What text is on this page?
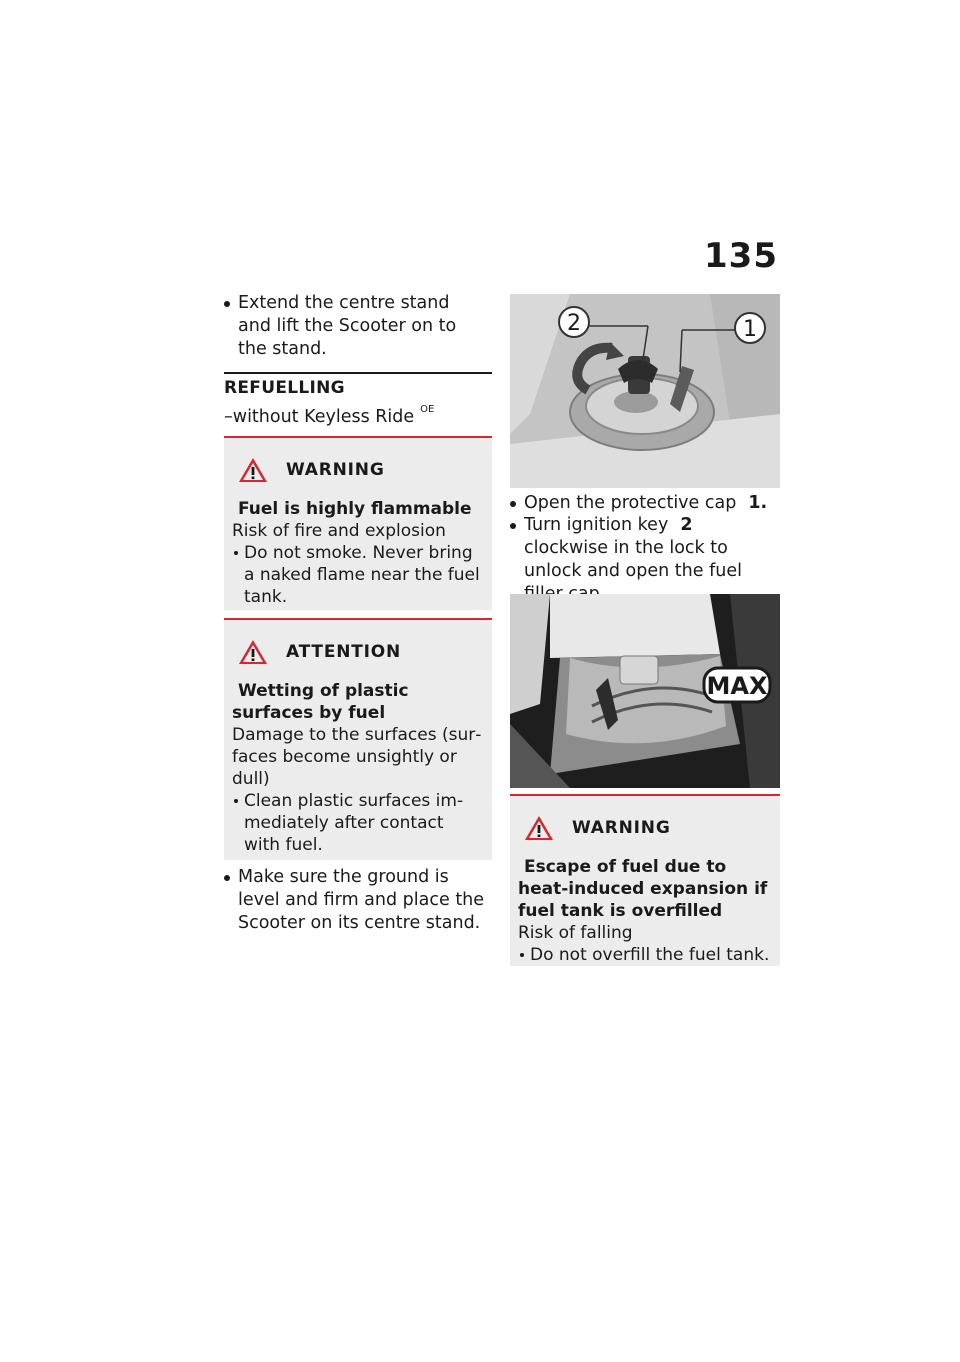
135
Extend the centre stand and lift the Scooter on to the stand.
REFUELLING
–without Keyless Ride $^{OE}$
WARNING
Fuel is highly flammable
Risk of fire and explosion
Do not smoke. Never bring a naked flame near the fuel tank.
ATTENTION
Wetting of plastic surfaces by fuel
Damage to the surfaces (surfaces become unsightly or dull)
Clean plastic surfaces immediately after contact with fuel.
Make sure the ground is level and firm and place the Scooter on its centre stand.
2	1
Open the protective cap 1.
Turn ignition key 2 clockwise in the lock to unlock and open the fuel
MAX
WARNING
Escape of fuel due to heat-induced expansion if fuel tank is overfilled
Risk of falling
Do not overfill the fuel tank.
